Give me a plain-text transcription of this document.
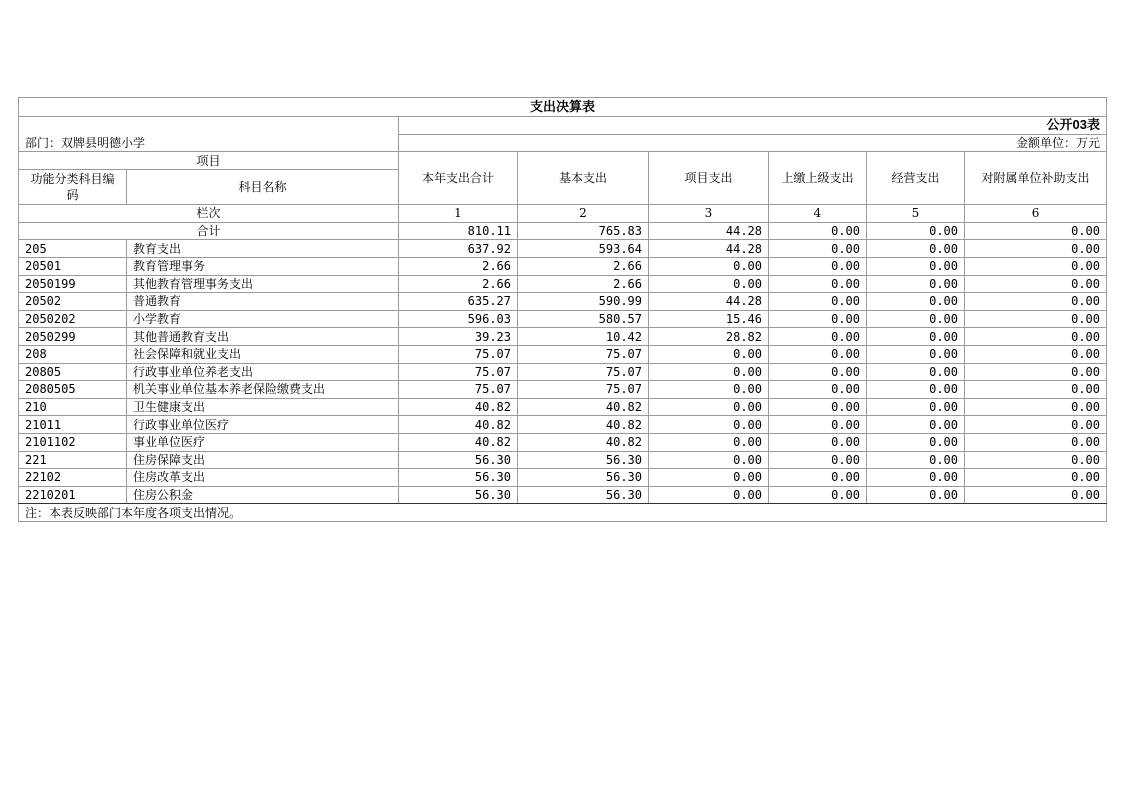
支出决算表							
		公开03表					
部门：双牌县明德小学		金额单位：万元					
项目		本年支出合计	基本支出	项目支出	上缴上级支出	经营支出	对附属单位补助支出
功能分类科目编码	科目名称						
栏次		1	2	3	4	5	6
合计		810.11	765.83	44.28	0.00	0.00	0.00
205	教育支出	637.92	593.64	44.28	0.00	0.00	0.00
20501	教育管理事务	2.66	2.66	0.00	0.00	0.00	0.00
2050199	其他教育管理事务支出	2.66	2.66	0.00	0.00	0.00	0.00
20502	普通教育	635.27	590.99	44.28	0.00	0.00	0.00
2050202	小学教育	596.03	580.57	15.46	0.00	0.00	0.00
2050299	其他普通教育支出	39.23	10.42	28.82	0.00	0.00	0.00
208	社会保障和就业支出	75.07	75.07	0.00	0.00	0.00	0.00
20805	行政事业单位养老支出	75.07	75.07	0.00	0.00	0.00	0.00
2080505	机关事业单位基本养老保险缴费支出	75.07	75.07	0.00	0.00	0.00	0.00
210	卫生健康支出	40.82	40.82	0.00	0.00	0.00	0.00
21011	行政事业单位医疗	40.82	40.82	0.00	0.00	0.00	0.00
2101102	事业单位医疗	40.82	40.82	0.00	0.00	0.00	0.00
221	住房保障支出	56.30	56.30	0.00	0.00	0.00	0.00
22102	住房改革支出	56.30	56.30	0.00	0.00	0.00	0.00
2210201	住房公积金	56.30	56.30	0.00	0.00	0.00	0.00
注：本表反映部门本年度各项支出情况。							
